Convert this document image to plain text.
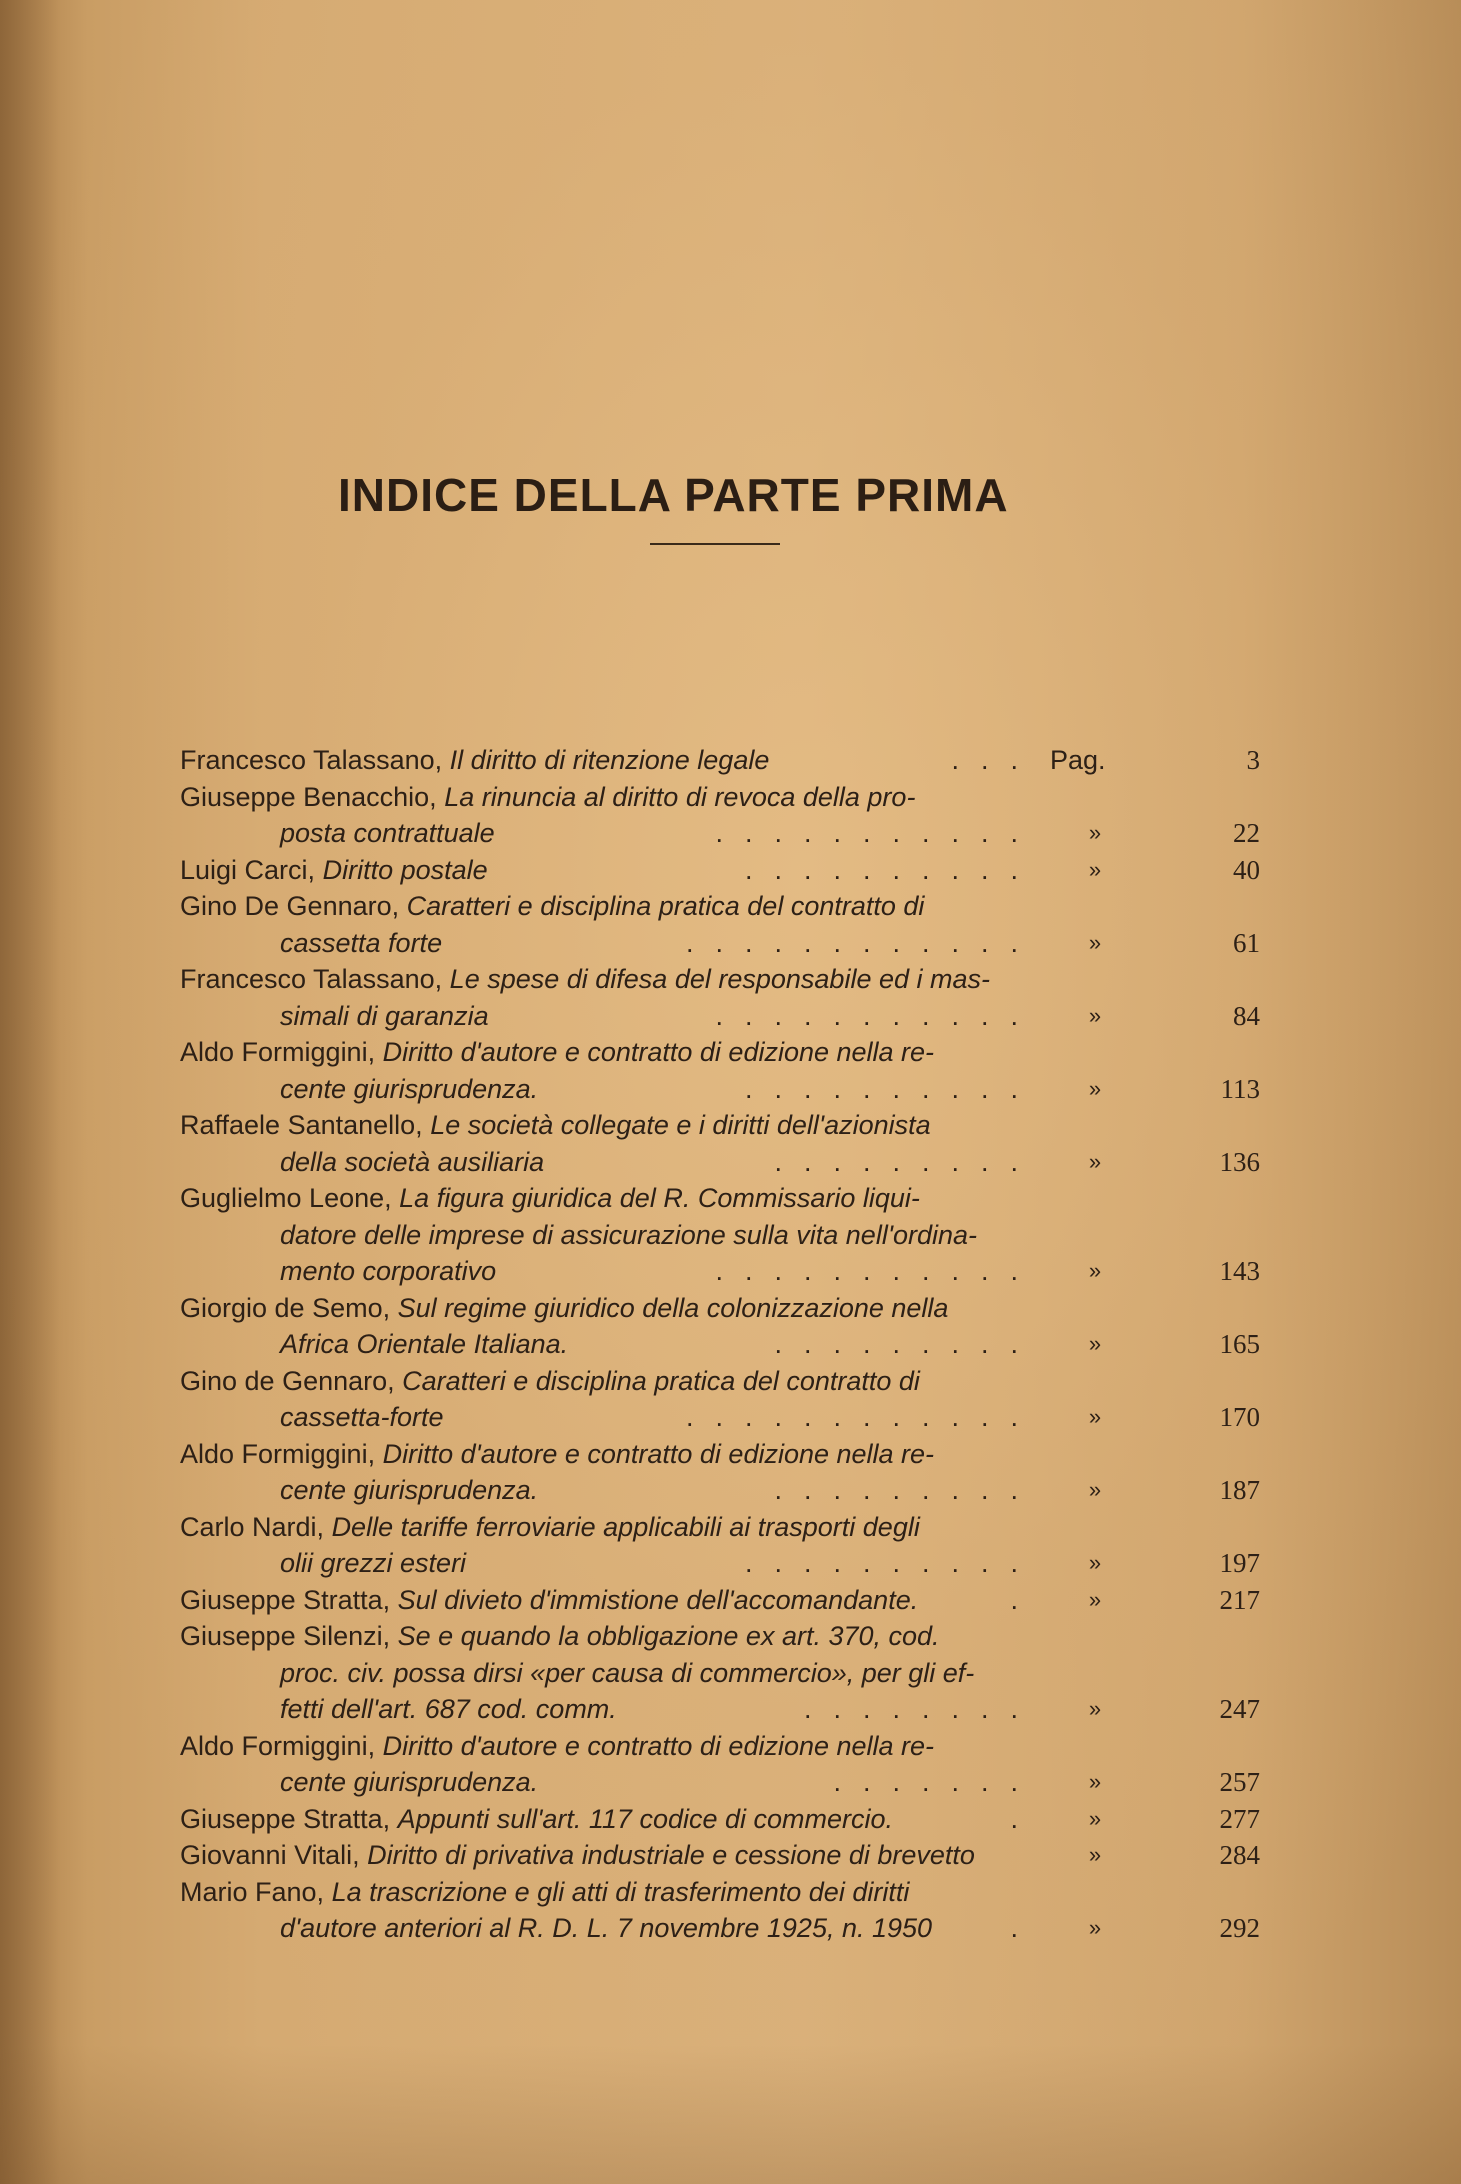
INDICE DELLA PARTE PRIMA
Francesco Talassano, Il diritto di ritenzione legale	... Pag.	3
Giuseppe Benacchio, La rinuncia al diritto di revoca della pro-
posta contrattuale	...........	»	22
Luigi Carci, Diritto postale	..........	»	40
Gino De Gennaro, Caratteri e disciplina pratica del contratto di
cassetta forte	............	»	61
Francesco Talassano, Le spese di difesa del responsabile ed i mas-
simali di garanzia	...........	»	84
Aldo Formiggini, Diritto d'autore e contratto di edizione nella re-
cente giurisprudenza.	..........	»	113
Raffaele Santanello, Le società collegate e i diritti dell'azionista
della società ausiliaria	.........	»	136
Guglielmo Leone, La figura giuridica del R. Commissario liqui-
datore delle imprese di assicurazione sulla vita nell'ordina-
mento corporativo	...........	»	143
Giorgio de Semo, Sul regime giuridico della colonizzazione nella
Africa Orientale Italiana.	.........	»	165
Gino de Gennaro, Caratteri e disciplina pratica del contratto di
cassetta-forte	............	»	170
Aldo Formiggini, Diritto d'autore e contratto di edizione nella re-
cente giurisprudenza.	.........	»	187
Carlo Nardi, Delle tariffe ferroviarie applicabili ai trasporti degli
olii grezzi esteri	..........	»	197
Giuseppe Stratta, Sul divieto d'immistione dell'accomandante.	.	»	217
Giuseppe Silenzi, Se e quando la obbligazione ex art. 370, cod.
proc. civ. possa dirsi «per causa di commercio», per gli ef-
fetti dell'art. 687 cod. comm.	........	»	247
Aldo Formiggini, Diritto d'autore e contratto di edizione nella re-
cente giurisprudenza.	.......	»	257
Giuseppe Stratta, Appunti sull'art. 117 codice di commercio.	.	»	277
Giovanni Vitali, Diritto di privativa industriale e cessione di brevetto	»	284
Mario Fano, La trascrizione e gli atti di trasferimento dei diritti
d'autore anteriori al R. D. L. 7 novembre 1925, n. 1950	.	»	292
